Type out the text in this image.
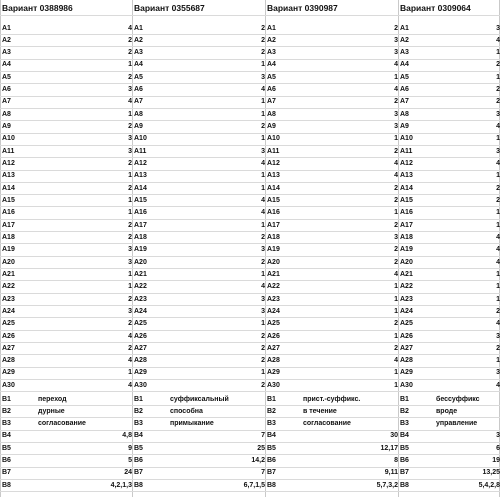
Вариант 0388986	Вариант 0355687	Вариант 0390987	Вариант 0309064
A1	4 A1	2 A1	2 A1	3
A2	2 A2	2 A2	3 A2	4
A3	2 A3	2 A3	3 A3	1
A4	1 A4	1 A4	4 A4	2
A5	2 A5	3 A5	1 A5	1
A6	3 A6	4 A6	4 A6	2
A7	4 A7	1 A7	2 A7	2
A8	1 A8	1 A8	3 A8	3
A9	2 A9	2 A9	3 A9	4
A10	3 A10	1 A10	1 A10	1
A11	3 A11	3 A11	2 A11	3
A12	2 A12	4 A12	4 A12	4
A13	1 A13	1 A13	4 A13	1
A14	2 A14	1 A14	2 A14	2
A15	1 A15	4 A15	2 A15	2
A16	1 A16	4 A16	1 A16	1
A17	2 A17	1 A17	2 A17	1
A18	2 A18	2 A18	3 A18	4
A19	3 A19	3 A19	2 A19	4
A20	3 A20	2 A20	2 A20	4
A21	1 A21	1 A21	4 A21	1
A22	1 A22	4 A22	1 A22	1
A23	2 A23	3 A23	1 A23	1
A24	3 A24	3 A24	1 A24	2
A25	2 A25	1 A25	2 A25	4
A26	4 A26	2 A26	1 A26	3
A27	2 A27	2 A27	2 A27	2
A28	4 A28	2 A28	4 A28	1
A29	1 A29	1 A29	1 A29	3
A30	4 A30	2 A30	1 A30	4
B1	переход	B1	суффиксальный	B1	прист.-суффикс.	B1	бессуффикс
B2	дурные	B2	способна	B2	в течение	B2	вроде
B3	согласование	B3	примыкание	B3	согласование	B3	управление
B4	4,8 B4	7 B4	30 B4	3
B5	9 B5	25 B5	12,17 B5	6
B6	5 B6	14,2 B6	8 B6	19
B7	24 B7	7 B7	9,11 B7	13,25
B8	4,2,1,3 B8	6,7,1,5 B8	5,7,3,2 B8	5,4,2,8
